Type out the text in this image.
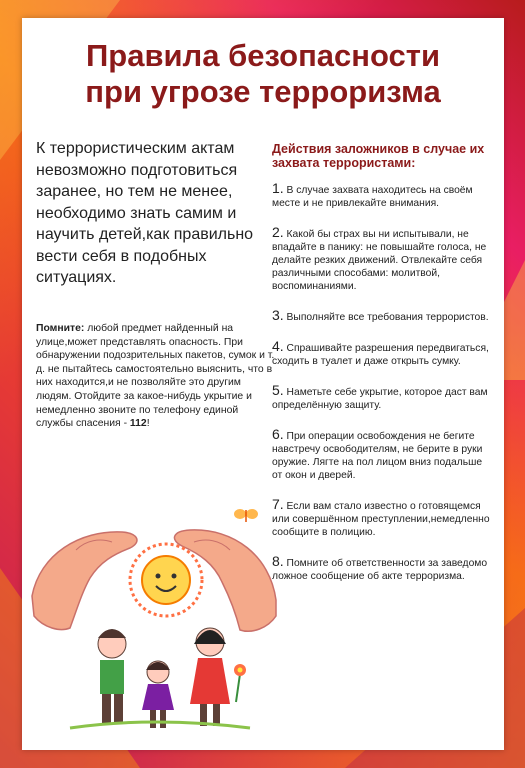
Правила безопасности
при угрозе терроризма
К террористическим актам невозможно подготовиться заранее, но тем не менее, необходимо знать самим и научить детей,как правильно вести себя в подобных ситуациях.
Помните: любой предмет найденный на улице,может представлять опасность. При обнаружении подозрительных пакетов, сумок и т. д. не пытайтесь самостоятельно выяснить, что в них находится,и не позволяйте это другим людям. Отойдите за какое-нибудь укрытие и немедленно звоните по телефону единой службы спасения - 112!
Действия заложников в случае их захвата террористами:
1. В случае захвата находитесь на своём месте и не привлекайте внимания.
2. Какой бы страх вы ни испытывали, не впадайте в панику: не повышайте голоса, не делайте резких движений. Отвлекайте себя различными способами: молитвой, воспоминаниями.
3. Выполняйте все требования террористов.
4. Спрашивайте разрешения передвигаться, сходить в туалет и даже открыть сумку.
5. Наметьте себе укрытие, которое даст вам определённую защиту.
6. При операции освобождения не бегите навстречу освободителям, не берите в руки оружие. Лягте на пол лицом вниз подальше от окон и дверей.
7. Если вам стало известно о готовящемся или совершённом преступлении,немедленно сообщите в полицию.
8. Помните об ответственности за заведомо ложное сообщение об акте терроризма.
